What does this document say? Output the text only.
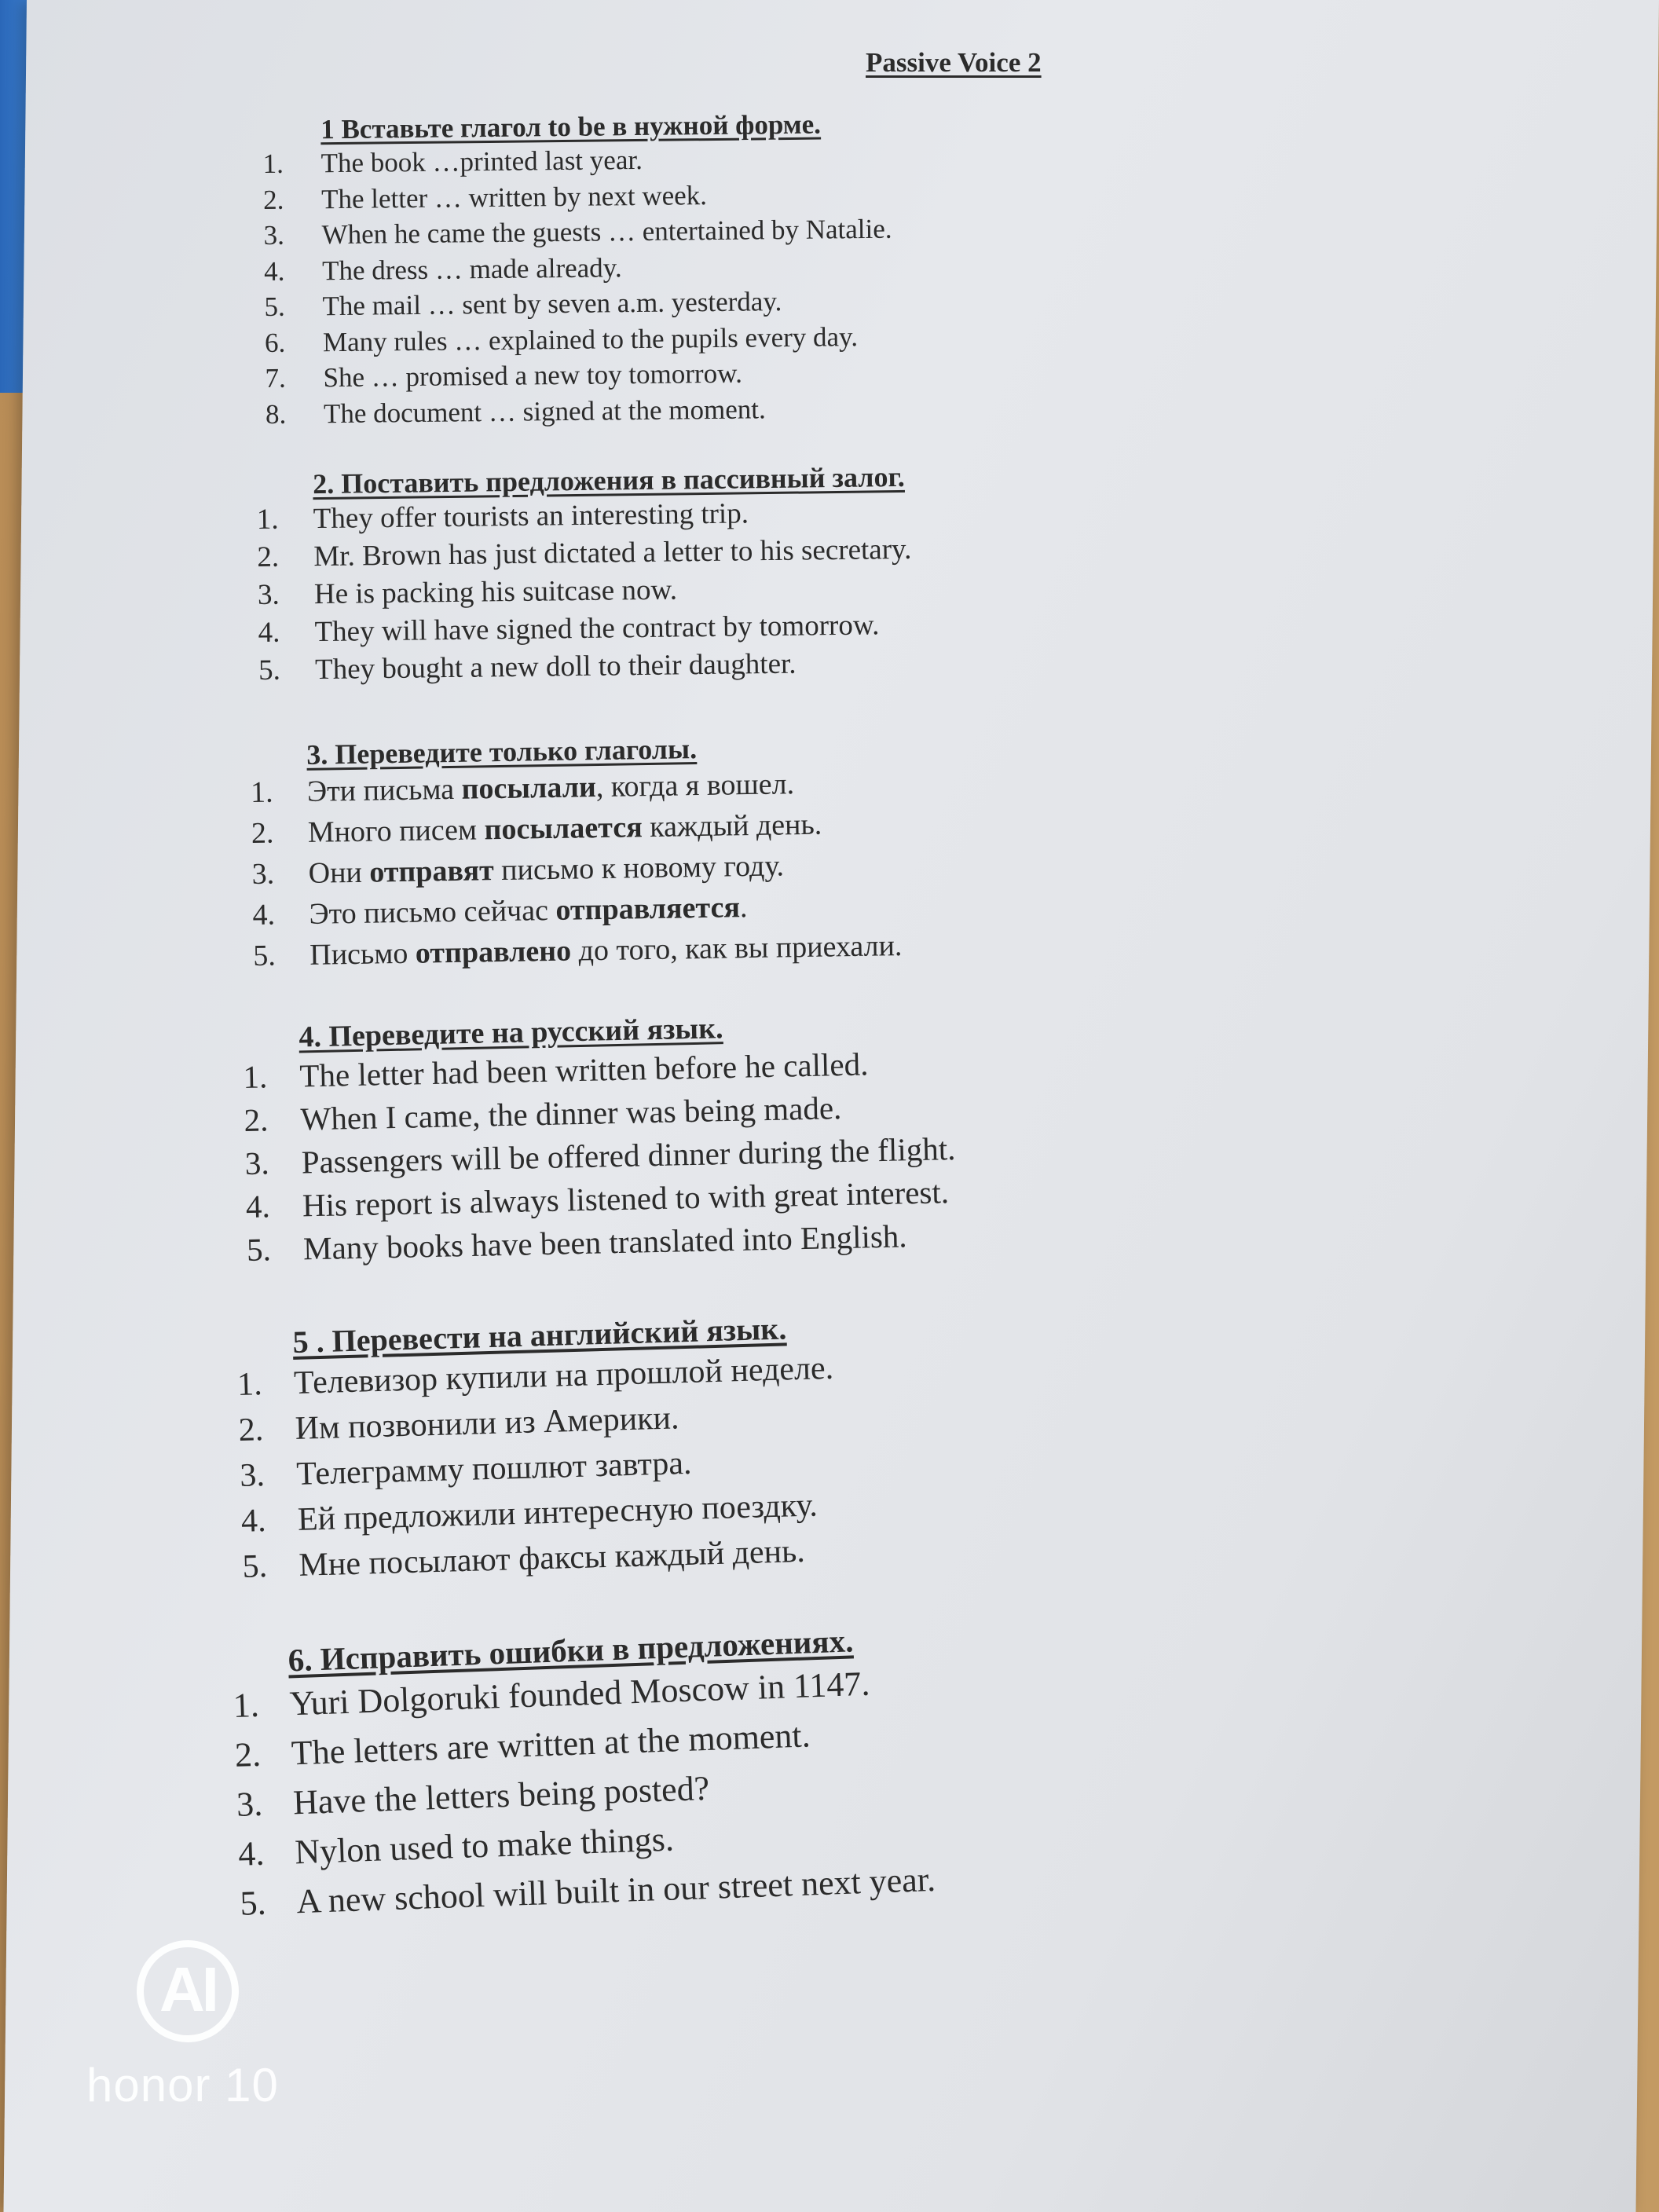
Passive Voice 2
1 Вставьте глагол to be в нужной форме.
1.	The book …printed last year.
2.	The letter … written by next week.
3.	When he came the guests … entertained by Natalie.
4.	The dress … made already.
5.	The mail … sent by seven a.m. yesterday.
6.	Many rules … explained to the pupils every day.
7.	She … promised a new toy tomorrow.
8.	The document … signed at the moment.
2. Поставить предложения в пассивный залог.
1.	They offer tourists an interesting trip.
2.	Mr. Brown has just dictated a letter to his secretary.
3.	He is packing his suitcase now.
4.	They will have signed the contract by tomorrow.
5.	They bought a new doll to their daughter.
3. Переведите только глаголы.
1.	Эти письма посылали, когда я вошел.
2.	Много писем посылается каждый день.
3.	Они отправят письмо к новому году.
4.	Это письмо сейчас отправляется.
5.	Письмо отправлено до того, как вы приехали.
4. Переведите на русский язык.
1. The letter had been written before he called.
2. When I came, the dinner was being made.
3. Passengers will be offered dinner during the flight.
4. His report is always listened to with great interest.
5. Many books have been translated into English.
5 . Перевести на английский язык.
1. Телевизор купили на прошлой неделе.
2. Им позвонили из Америки.
3. Телеграмму пошлют завтра.
4. Ей предложили интересную поездку.
5. Мне посылают факсы каждый день.
6. Исправить ошибки в предложениях.
1. Yuri Dolgoruki founded Moscow in 1147.
2. The letters are written at the moment.
3. Have the letters being posted?
4. Nylon used to make things.
5. A new school will built in our street next year.
AI
honor 10
